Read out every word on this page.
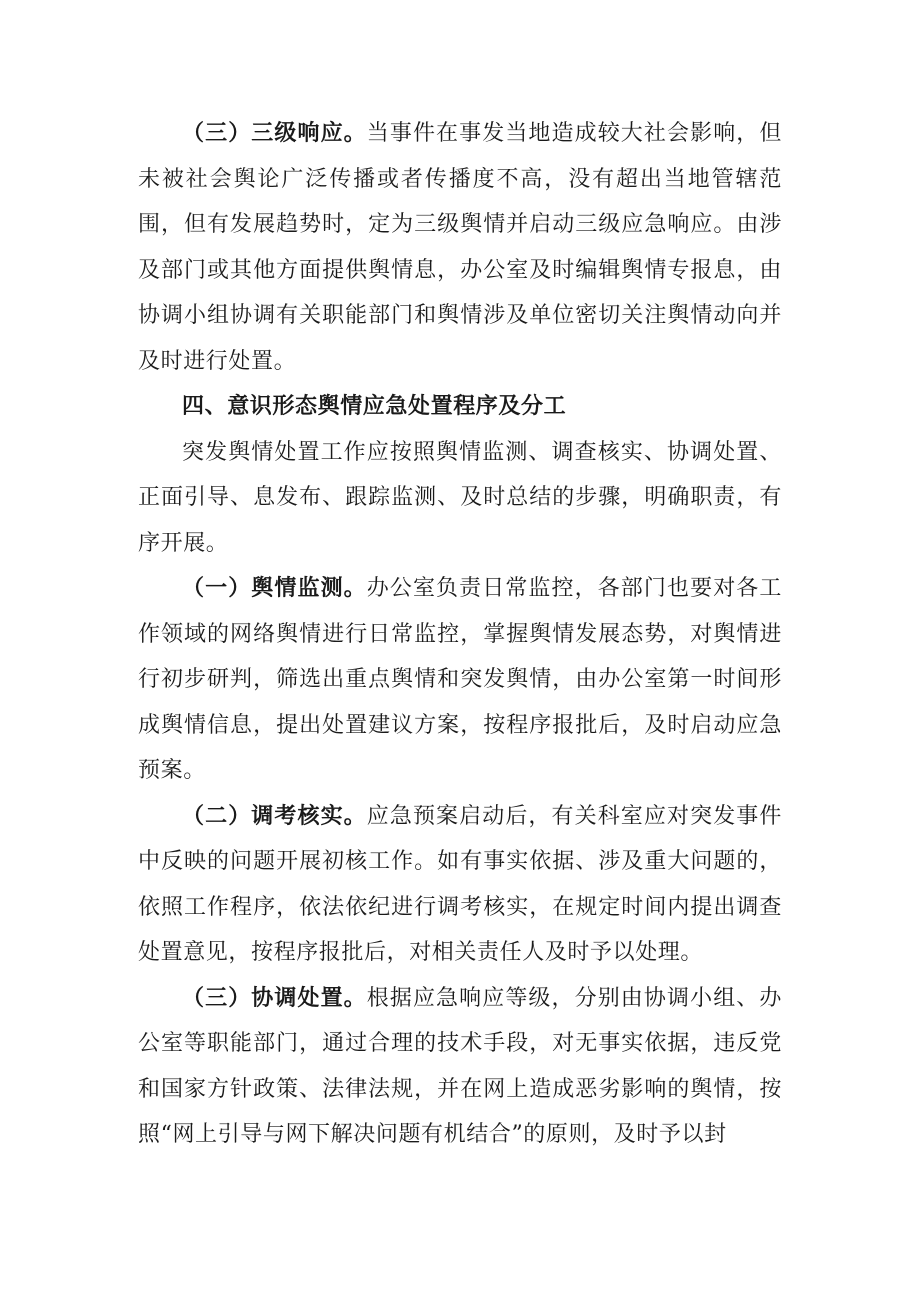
（三）三级响应。当事件在事发当地造成较大社会影响，但未被社会舆论广泛传播或者传播度不高，没有超出当地管辖范围，但有发展趋势时，定为三级舆情并启动三级应急响应。由涉及部门或其他方面提供舆情息，办公室及时编辑舆情专报息，由协调小组协调有关职能部门和舆情涉及单位密切关注舆情动向并及时进行处置。

四、意识形态舆情应急处置程序及分工

突发舆情处置工作应按照舆情监测、调查核实、协调处置、正面引导、息发布、跟踪监测、及时总结的步骤，明确职责，有序开展。

（一）舆情监测。办公室负责日常监控，各部门也要对各工作领域的网络舆情进行日常监控，掌握舆情发展态势，对舆情进行初步研判，筛选出重点舆情和突发舆情，由办公室第一时间形成舆情信息，提出处置建议方案，按程序报批后，及时启动应急预案。

（二）调考核实。应急预案启动后，有关科室应对突发事件中反映的问题开展初核工作。如有事实依据、涉及重大问题的，依照工作程序，依法依纪进行调考核实，在规定时间内提出调查处置意见，按程序报批后，对相关责任人及时予以处理。

（三）协调处置。根据应急响应等级，分别由协调小组、办公室等职能部门，通过合理的技术手段，对无事实依据，违反党和国家方针政策、法律法规，并在网上造成恶劣影响的舆情，按照“网上引导与网下解决问题有机结合”的原则，及时予以封
